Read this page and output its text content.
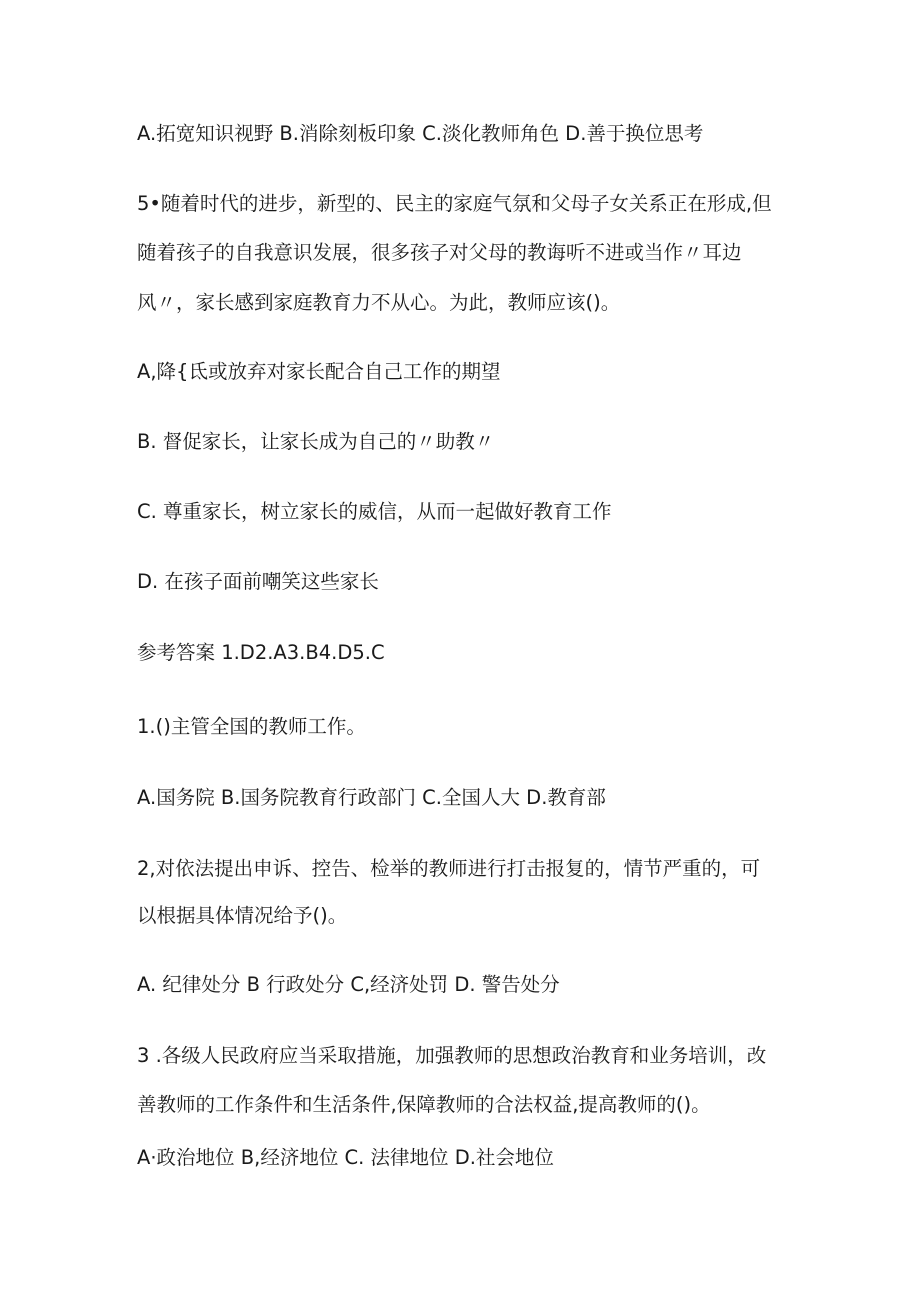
A.拓宽知识视野 B.消除刻板印象 C.淡化教师角色 D.善于换位思考
5•随着时代的进步，新型的、民主的家庭气氛和父母子女关系正在形成,但
随着孩子的自我意识发展，很多孩子对父母的教诲听不进或当作〃耳边
风〃，家长感到家庭教育力不从心。为此，教师应该()。
A,降{氐或放弃对家长配合自己工作的期望
B. 督促家长，让家长成为自己的〃助教〃
C. 尊重家长，树立家长的威信，从而一起做好教育工作
D. 在孩子面前嘲笑这些家长
参考答案 1.D2.A3.B4.D5.C
1.()主管全国的教师工作。
A.国务院 B.国务院教育行政部门 C.全国人大 D.教育部
2,对依法提出申诉、控告、检举的教师进行打击报复的，情节严重的，可
以根据具体情况给予()。
A. 纪律处分 B 行政处分 C,经济处罚 D. 警告处分
3 .各级人民政府应当采取措施，加强教师的思想政治教育和业务培训，改
善教师的工作条件和生活条件,保障教师的合法权益,提高教师的()。
A·政治地位 B,经济地位 C. 法律地位 D.社会地位
